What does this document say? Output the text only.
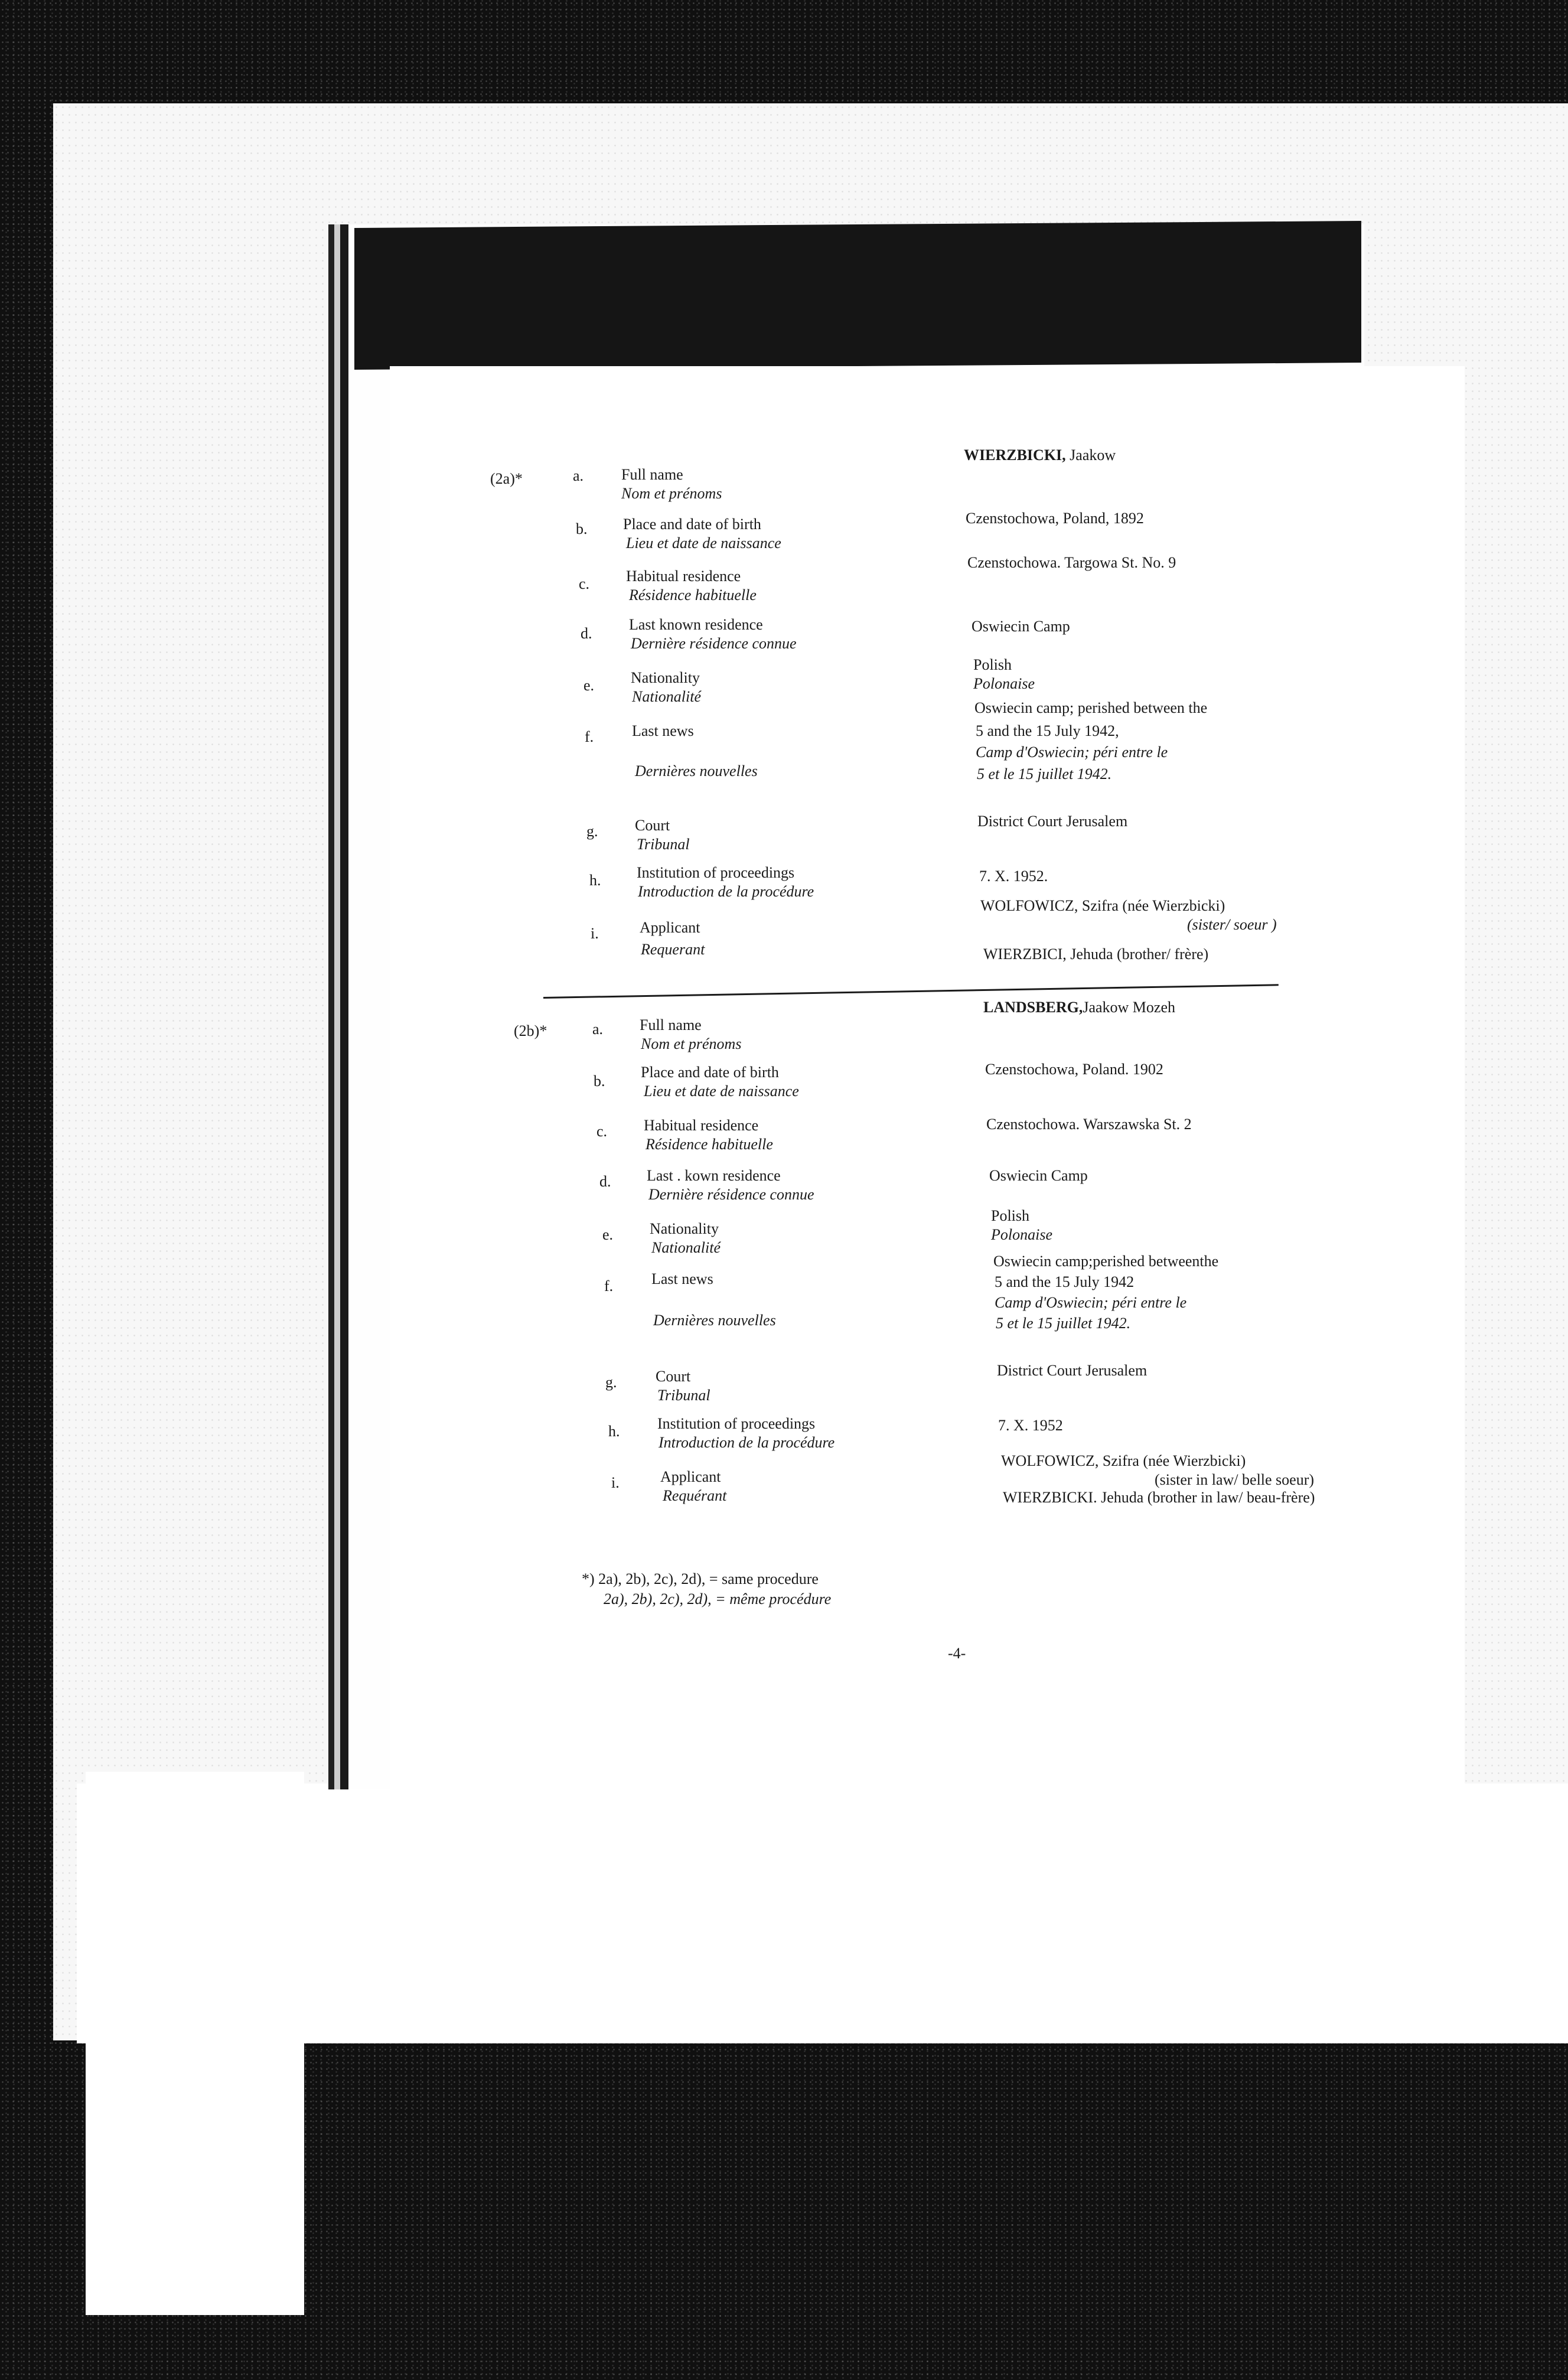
(2a)*	a. Full name
Nom et prénoms
WIERZBICKI, Jaakow
b. Place and date of birth
Lieu et date de naissance
Czenstochowa, Poland, 1892
c. Habitual residence
Résidence habituelle
Czenstochowa. Targowa St. No. 9
d.
Last known residence
Dernière résidence connue
Oswiecin Camp
e. Nationality
Nationalité
Polish
Polonaise
f. Last news
Dernières nouvelles
Oswiecin camp; perished between the
5 and the 15 July 1942,
Camp d'Oswiecin; péri entre le
5 et le 15 juillet 1942.
g. Court
Tribunal
District Court Jerusalem
h. Institution of proceedings
Introduction de la procédure
7. X. 1952.
i.	Applicant
Requerant
WOLFOWICZ, Szifra (née Wierzbicki)
(sister/ soeur )
WIERZBICI, Jehuda (brother/ frère)
(2b)*	a. Full name
Nom et prénoms
LANDSBERG,Jaakow Mozeh
b.
Place and date of birth
Lieu et date de naissance
Czenstochowa, Poland. 1902
c. Habitual residence
Résidence habituelle
Czenstochowa. Warszawska St. 2
d. Last . kown residence
Dernière résidence connue
Oswiecin Camp
e. Nationality
Nationalité
Polish
Polonaise
f. Last news
Dernières nouvelles
Oswiecin camp;perished betweenthe
5 and the 15 July 1942
Camp d'Oswiecin; péri entre le
5 et le 15 juillet 1942.
g.	Court
Tribunal
District Court Jerusalem
h. Institution of proceedings
Introduction de la procédure
7. X. 1952
i.	Applicant
Requérant
WOLFOWICZ, Szifra (née Wierzbicki)
(sister in law/ belle soeur)
WIERZBICKI. Jehuda (brother in law/ beau-frère)
*) 2a), 2b), 2c), 2d), = same procedure
2a), 2b), 2c), 2d), = même procédure
-4-
